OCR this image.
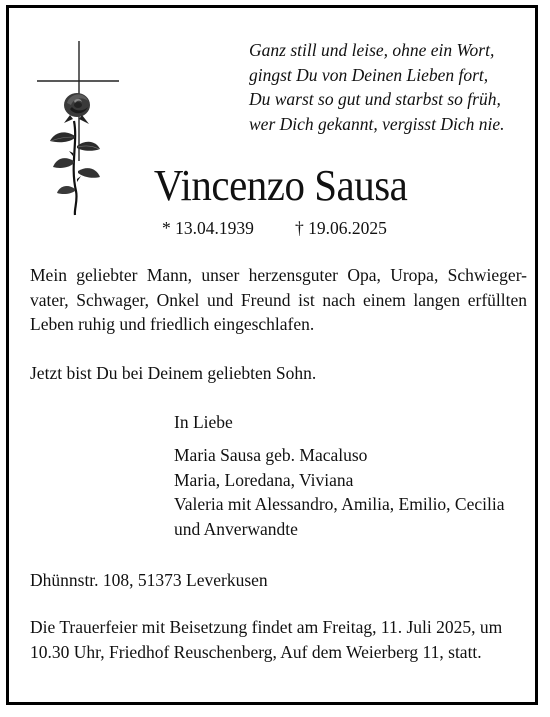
Ganz still und leise, ohne ein Wort,
gingst Du von Deinen Lieben fort,
Du warst so gut und starbst so früh,
wer Dich gekannt, vergisst Dich nie.
Vincenzo Sausa
* 13.04.1939 † 19.06.2025
Mein geliebter Mann, unser herzensguter Opa, Uropa, Schwieger-
vater, Schwager, Onkel und Freund ist nach einem langen erfüllten
Leben ruhig und friedlich eingeschlafen.
Jetzt bist Du bei Deinem geliebten Sohn.
In Liebe
Maria Sausa geb. Macaluso
Maria, Loredana, Viviana
Valeria mit Alessandro, Amilia, Emilio, Cecilia
und Anverwandte
Dhünnstr. 108, 51373 Leverkusen
Die Trauerfeier mit Beisetzung findet am Freitag, 11. Juli 2025, um
10.30 Uhr, Friedhof Reuschenberg, Auf dem Weierberg 11, statt.
